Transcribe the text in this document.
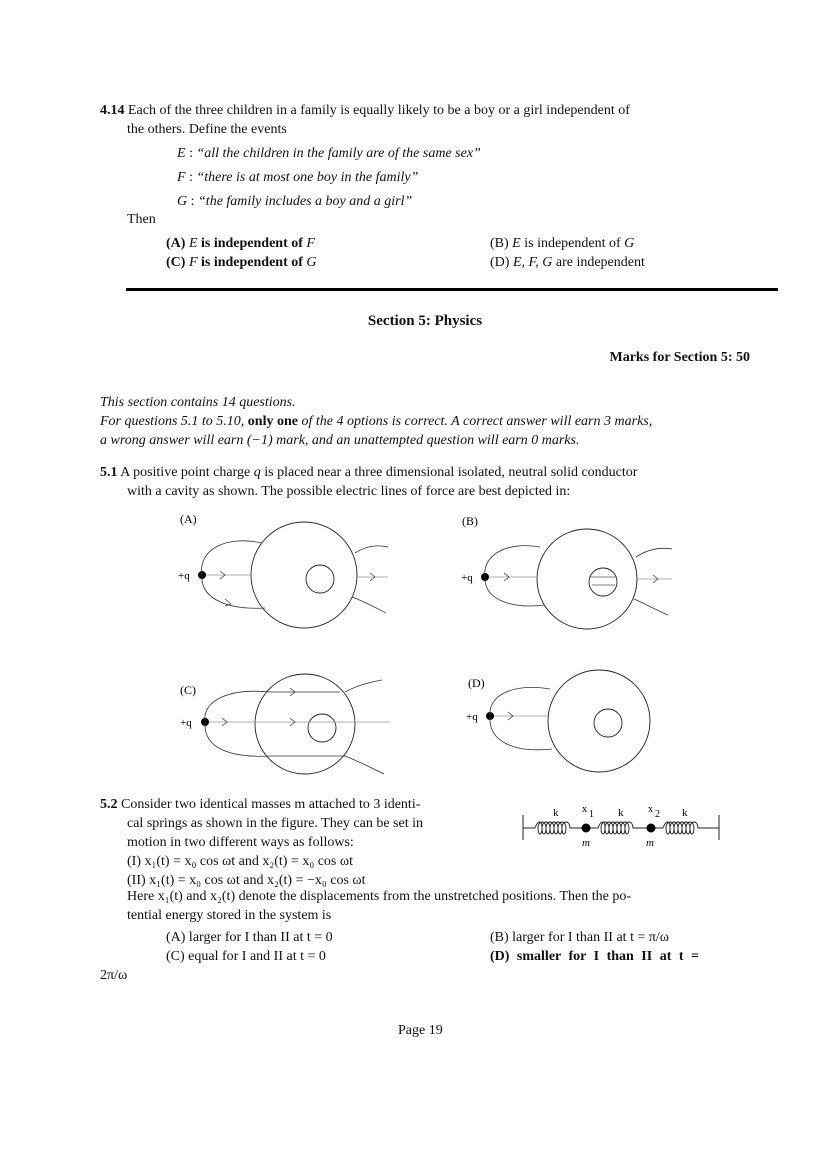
4.14 Each of the three children in a family is equally likely to be a boy or a girl independent of
the others. Define the events
E : “all the children in the family are of the same sex”
F : “there is at most one boy in the family”
G : “the family includes a boy and a girl”
Then
(A) E is independent of F	(B) E is independent of G
(C) F is independent of G	(D) E, F, G are independent
Section 5: Physics
Marks for Section 5: 50
This section contains 14 questions.
For questions 5.1 to 5.10, only one of the 4 options is correct. A correct answer will earn 3 marks,
a wrong answer will earn (−1) mark, and an unattempted question will earn 0 marks.
5.1 A positive point charge q is placed near a three dimensional isolated, neutral solid conductor
with a cavity as shown. The possible electric lines of force are best depicted in:
(A)
+q
(B)
+q
(C)
+q
(D)
+q
5.2 Consider two identical masses m attached to 3 identi-
cal springs as shown in the figure. They can be set in
motion in two different ways as follows:
(I) x₁(t) = x₀ cos ωt and x₂(t) = x₀ cos ωt
(II) x₁(t) = x₀ cos ωt and x₂(t) = −x₀ cos ωt
Here x₁(t) and x₂(t) denote the displacements from the unstretched positions. Then the po-
tential energy stored in the system is
k x 1 k x 2 k
m	m
(A) larger for I than II at t = 0	(B) larger for I than II at t = π/ω
(C) equal for I and II at t = 0	(D) smaller for I than II at t =
2π/ω
Page 19
